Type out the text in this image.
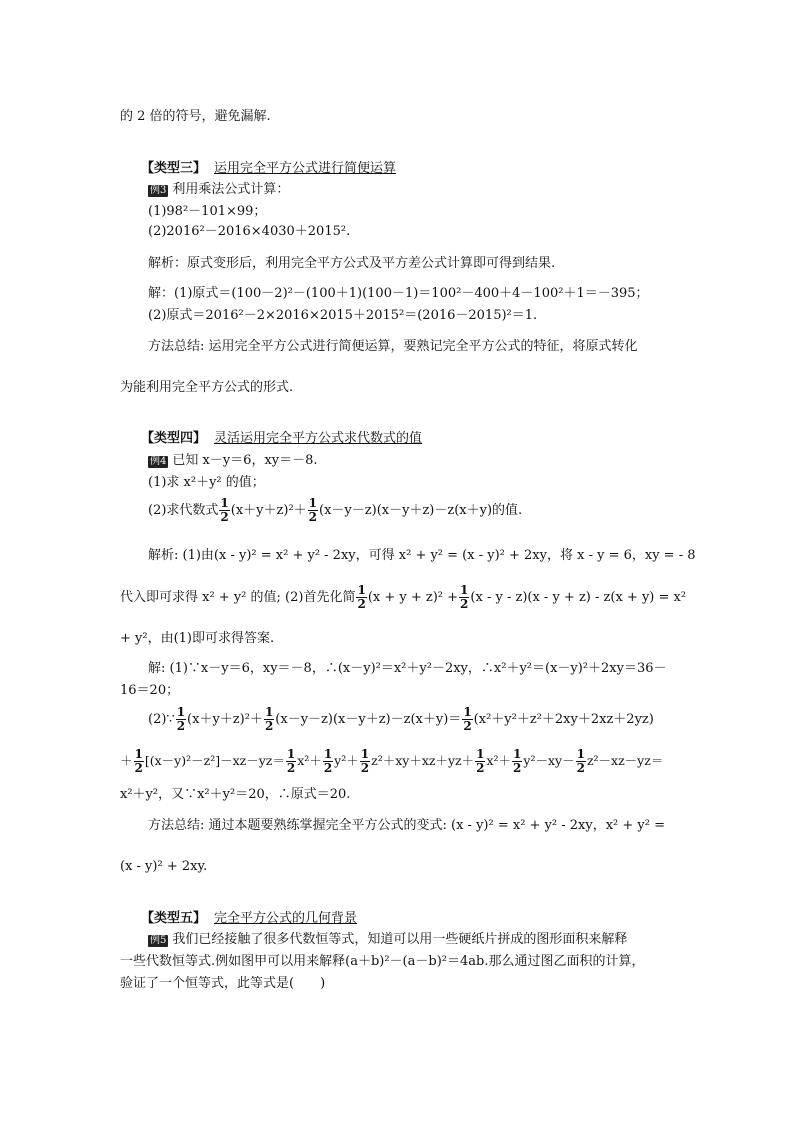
的 2 倍的符号，避免漏解.
【类型三】 运用完全平方公式进行简便运算
例3 利用乘法公式计算：
(1)98²－101×99；
(2)2016²－2016×4030＋2015².
解析：原式变形后，利用完全平方公式及平方差公式计算即可得到结果.
解：(1)原式＝(100－2)²－(100＋1)(100－1)＝100²－400＋4－100²＋1＝－395；
(2)原式＝2016²－2×2016×2015＋2015²＝(2016－2015)²＝1.
方法总结: 运用完全平方公式进行简便运算，要熟记完全平方公式的特征，将原式转化
为能利用完全平方公式的形式.
【类型四】 灵活运用完全平方公式求代数式的值
例4 已知 x－y＝6，xy＝－8.
(1)求 x²＋y² 的值；
(2)求代数式 $\frac{1}{2} (x+y+z)^2+ \frac{1}{2} (x-y-z)(x-y+z)-z(x+y)$的值.
解析: (1)由(x - y)² = x² + y² - 2xy，可得 x² + y² = (x - y)² + 2xy，将 x - y = 6，xy = - 8
代入即可求得 x² + y² 的值; (2)首先化简 $\frac{1}{2} (x + y + z)^2 + \frac{1}{2} (x - y - z)(x - y + z) - z(x + y) = x^2$
+ y²，由(1)即可求得答案.
解: (1)∵x－y＝6，xy＝－8，∴(x－y)²＝x²＋y²－2xy，∴x²＋y²＝(x－y)²＋2xy＝36－
16＝20；
(2)∵ $\frac{1}{2} (x+y+z)^2+ \frac{1}{2} (x-y-z)(x-y+z)-z(x+y)= \frac{1}{2} (x^2+y^2+z^2+2xy+2xz+2yz)$
＋ $\frac{1}{2} [(x-y)^2-z^2]-xz-yz= \frac{1}{2} x^2+ \frac{1}{2} y^2+ \frac{1}{2} z^2+xy+xz+yz+ \frac{1}{2} x^2+ \frac{1}{2} y^2-xy- \frac{1}{2} z^2-xz-yz=$
x²＋y²，又∵x²＋y²＝20，∴原式＝20.
方法总结: 通过本题要熟练掌握完全平方公式的变式: (x - y)² = x² + y² - 2xy，x² + y² =
(x - y)² + 2xy.
【类型五】 完全平方公式的几何背景
例5 我们已经接触了很多代数恒等式，知道可以用一些硬纸片拼成的图形面积来解释
一些代数恒等式.例如图甲可以用来解释(a＋b)²－(a－b)²＝4ab.那么通过图乙面积的计算，
验证了一个恒等式，此等式是(　　)
